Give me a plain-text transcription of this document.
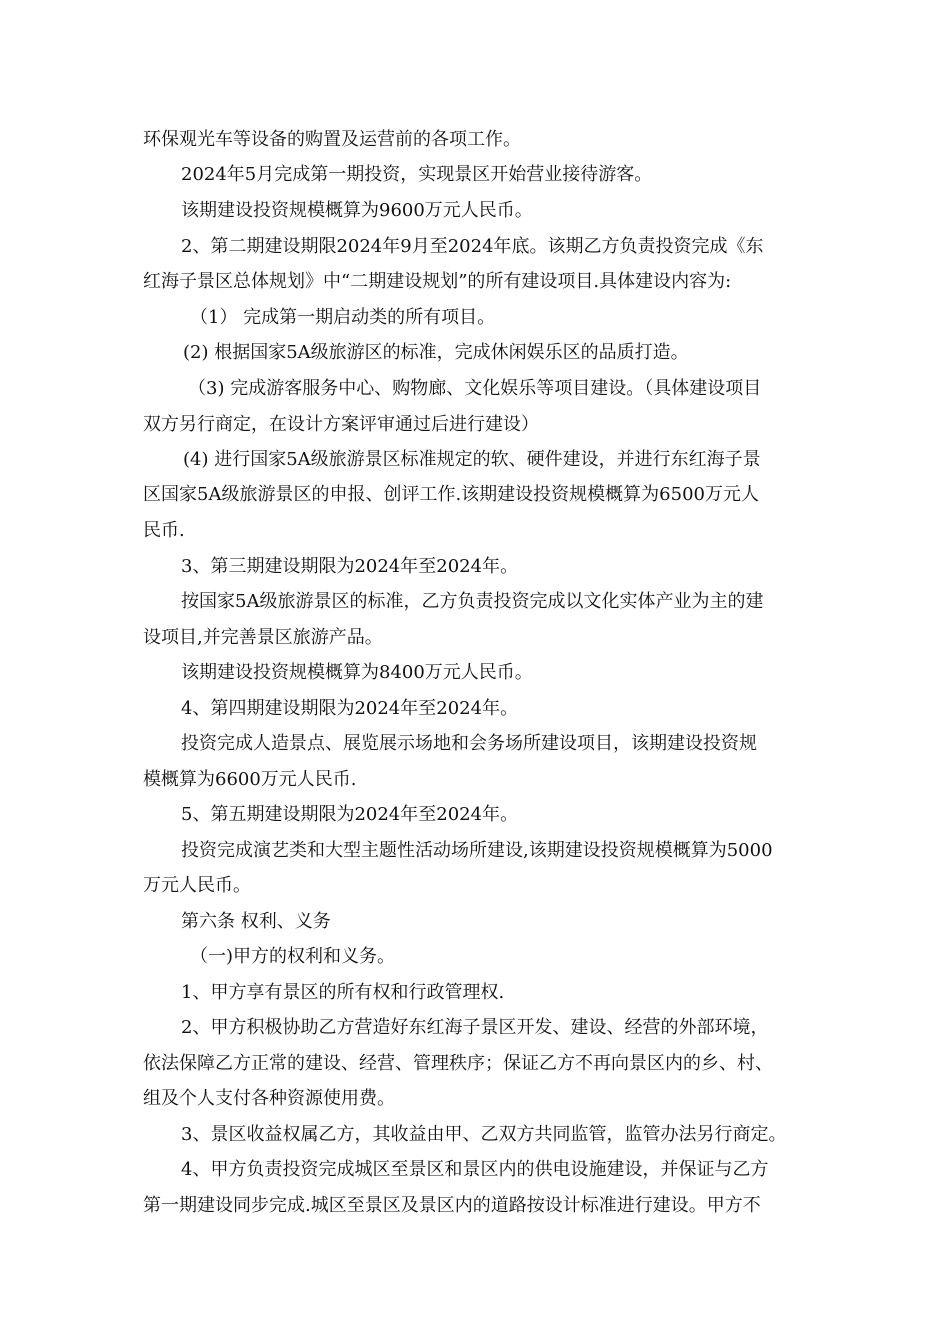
环保观光车等设备的购置及运营前的各项工作。
2024年5月完成第一期投资，实现景区开始营业接待游客。
该期建设投资规模概算为9600万元人民币。
2、第二期建设期限2024年9月至2024年底。该期乙方负责投资完成《东
红海子景区总体规划》中“二期建设规划”的所有建设项目.具体建设内容为:
（1） 完成第一期启动类的所有项目。
(2) 根据国家5A级旅游区的标准，完成休闲娱乐区的品质打造。
（3) 完成游客服务中心、购物廊、文化娱乐等项目建设。（具体建设项目
双方另行商定，在设计方案评审通过后进行建设）
(4) 进行国家5A级旅游景区标准规定的软、硬件建设，并进行东红海子景
区国家5A级旅游景区的申报、创评工作.该期建设投资规模概算为6500万元人
民币.
3、第三期建设期限为2024年至2024年。
按国家5A级旅游景区的标准，乙方负责投资完成以文化实体产业为主的建
设项目,并完善景区旅游产品。
该期建设投资规模概算为8400万元人民币。
4、第四期建设期限为2024年至2024年。
投资完成人造景点、展览展示场地和会务场所建设项目，该期建设投资规
模概算为6600万元人民币.
5、第五期建设期限为2024年至2024年。
投资完成演艺类和大型主题性活动场所建设,该期建设投资规模概算为5000
万元人民币。
第六条 权利、义务
（一)甲方的权利和义务。
1、甲方享有景区的所有权和行政管理权.
2、甲方积极协助乙方营造好东红海子景区开发、建设、经营的外部环境，
依法保障乙方正常的建设、经营、管理秩序；保证乙方不再向景区内的乡、村、
组及个人支付各种资源使用费。
3、景区收益权属乙方，其收益由甲、乙双方共同监管，监管办法另行商定。
4、甲方负责投资完成城区至景区和景区内的供电设施建设，并保证与乙方
第一期建设同步完成.城区至景区及景区内的道路按设计标准进行建设。甲方不
